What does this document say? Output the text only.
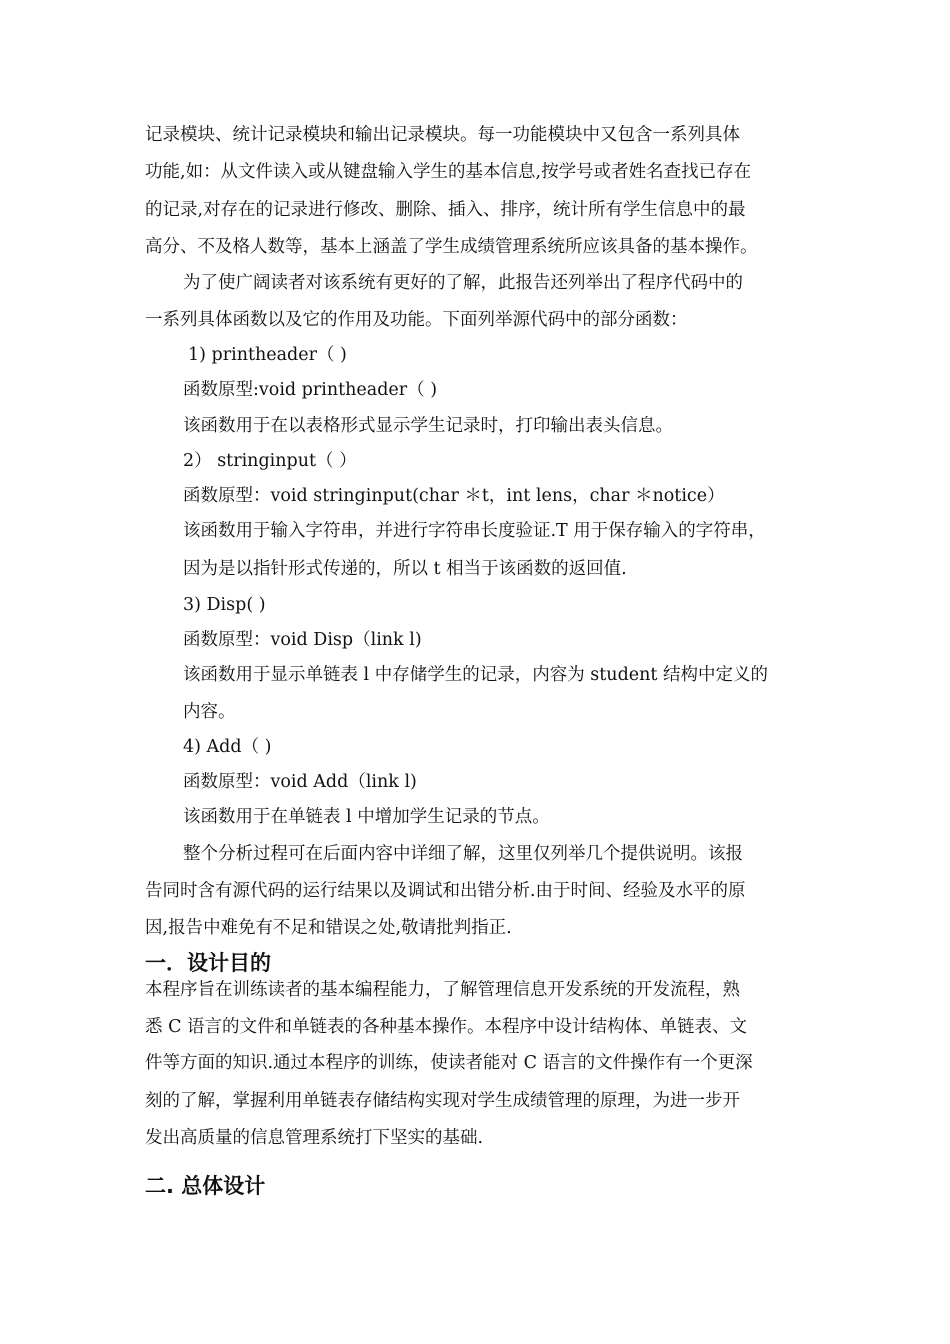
记录模块、统计记录模块和输出记录模块。每一功能模块中又包含一系列具体
功能,如：从文件读入或从键盘输入学生的基本信息,按学号或者姓名查找已存在
的记录,对存在的记录进行修改、删除、插入、排序，统计所有学生信息中的最
高分、不及格人数等，基本上涵盖了学生成绩管理系统所应该具备的基本操作。
为了使广阔读者对该系统有更好的了解，此报告还列举出了程序代码中的
一系列具体函数以及它的作用及功能。下面列举源代码中的部分函数：
1) printheader（ )
函数原型:void printheader（ )
该函数用于在以表格形式显示学生记录时，打印输出表头信息。
2） stringinput（ ）
函数原型：void stringinput(char ＊t，int lens，char ＊notice）
该函数用于输入字符串，并进行字符串长度验证.T 用于保存输入的字符串，
因为是以指针形式传递的，所以 t 相当于该函数的返回值.
3) Disp( )
函数原型：void Disp（link l)
该函数用于显示单链表 l 中存储学生的记录，内容为 student 结构中定义的
内容。
4) Add（ )
函数原型：void Add（link l)
该函数用于在单链表 l 中增加学生记录的节点。
整个分析过程可在后面内容中详细了解，这里仅列举几个提供说明。该报
告同时含有源代码的运行结果以及调试和出错分析.由于时间、经验及水平的原
因,报告中难免有不足和错误之处,敬请批判指正.
一．设计目的
本程序旨在训练读者的基本编程能力，了解管理信息开发系统的开发流程，熟
悉 C 语言的文件和单链表的各种基本操作。本程序中设计结构体、单链表、文
件等方面的知识.通过本程序的训练，使读者能对 C 语言的文件操作有一个更深
刻的了解，掌握利用单链表存储结构实现对学生成绩管理的原理，为进一步开
发出高质量的信息管理系统打下坚实的基础.
二. 总体设计
